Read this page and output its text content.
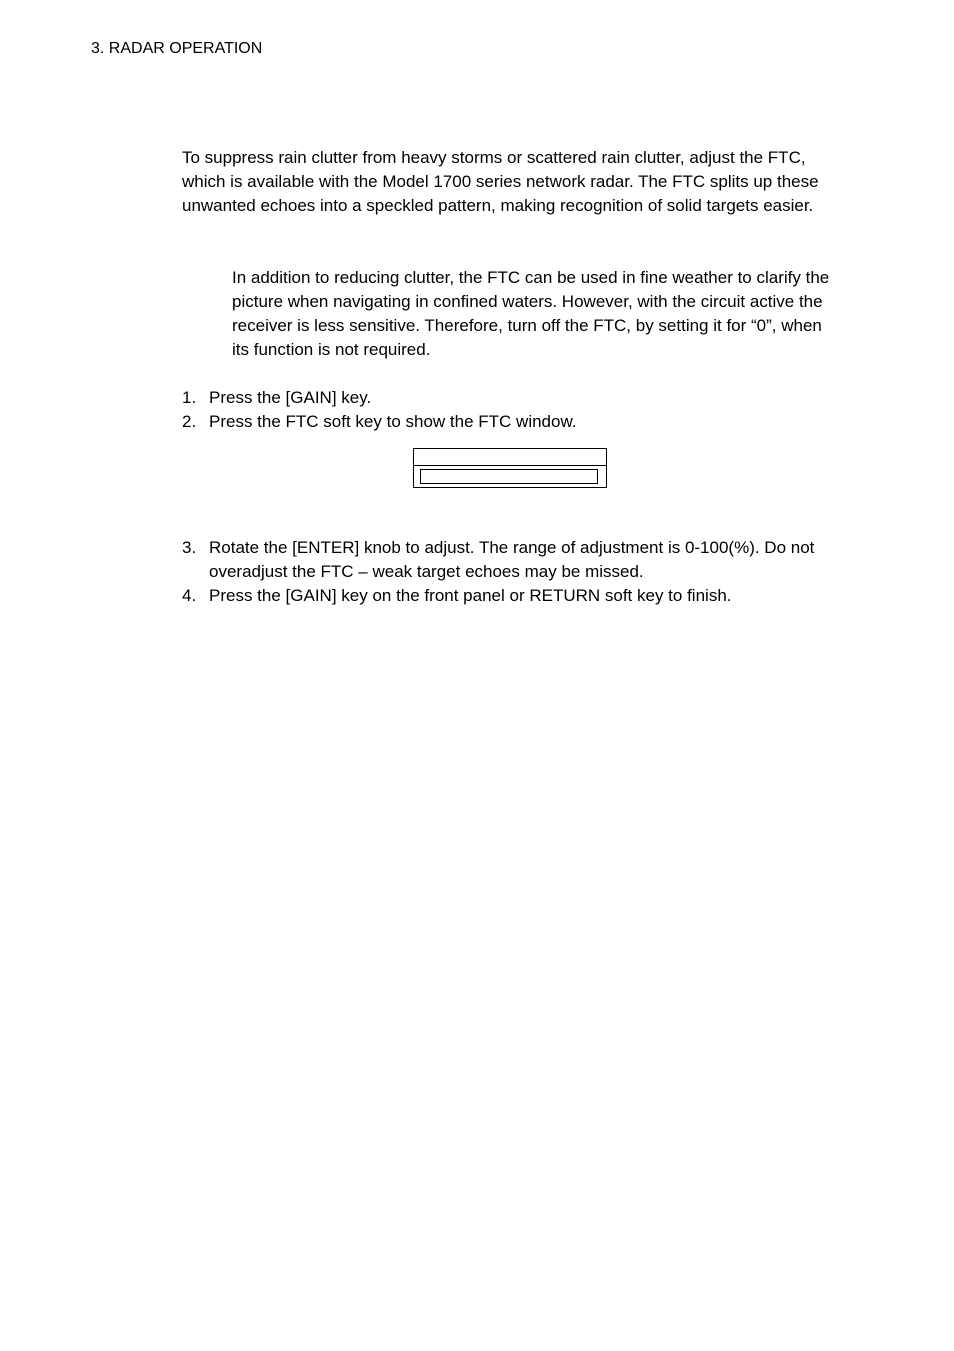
3. RADAR OPERATION

To suppress rain clutter from heavy storms or scattered rain clutter, adjust the FTC, which is available with the Model 1700 series network radar. The FTC splits up these unwanted echoes into a speckled pattern, making recognition of solid targets easier.

In addition to reducing clutter, the FTC can be used in fine weather to clarify the picture when navigating in confined waters. However, with the circuit active the receiver is less sensitive. Therefore, turn off the FTC, by setting it for “0”, when its function is not required.

1. Press the [GAIN] key.
2. Press the FTC soft key to show the FTC window.
3. Rotate the [ENTER] knob to adjust. The range of adjustment is 0-100(%). Do not overadjust the FTC – weak target echoes may be missed.
4. Press the [GAIN] key on the front panel or RETURN soft key to finish.
